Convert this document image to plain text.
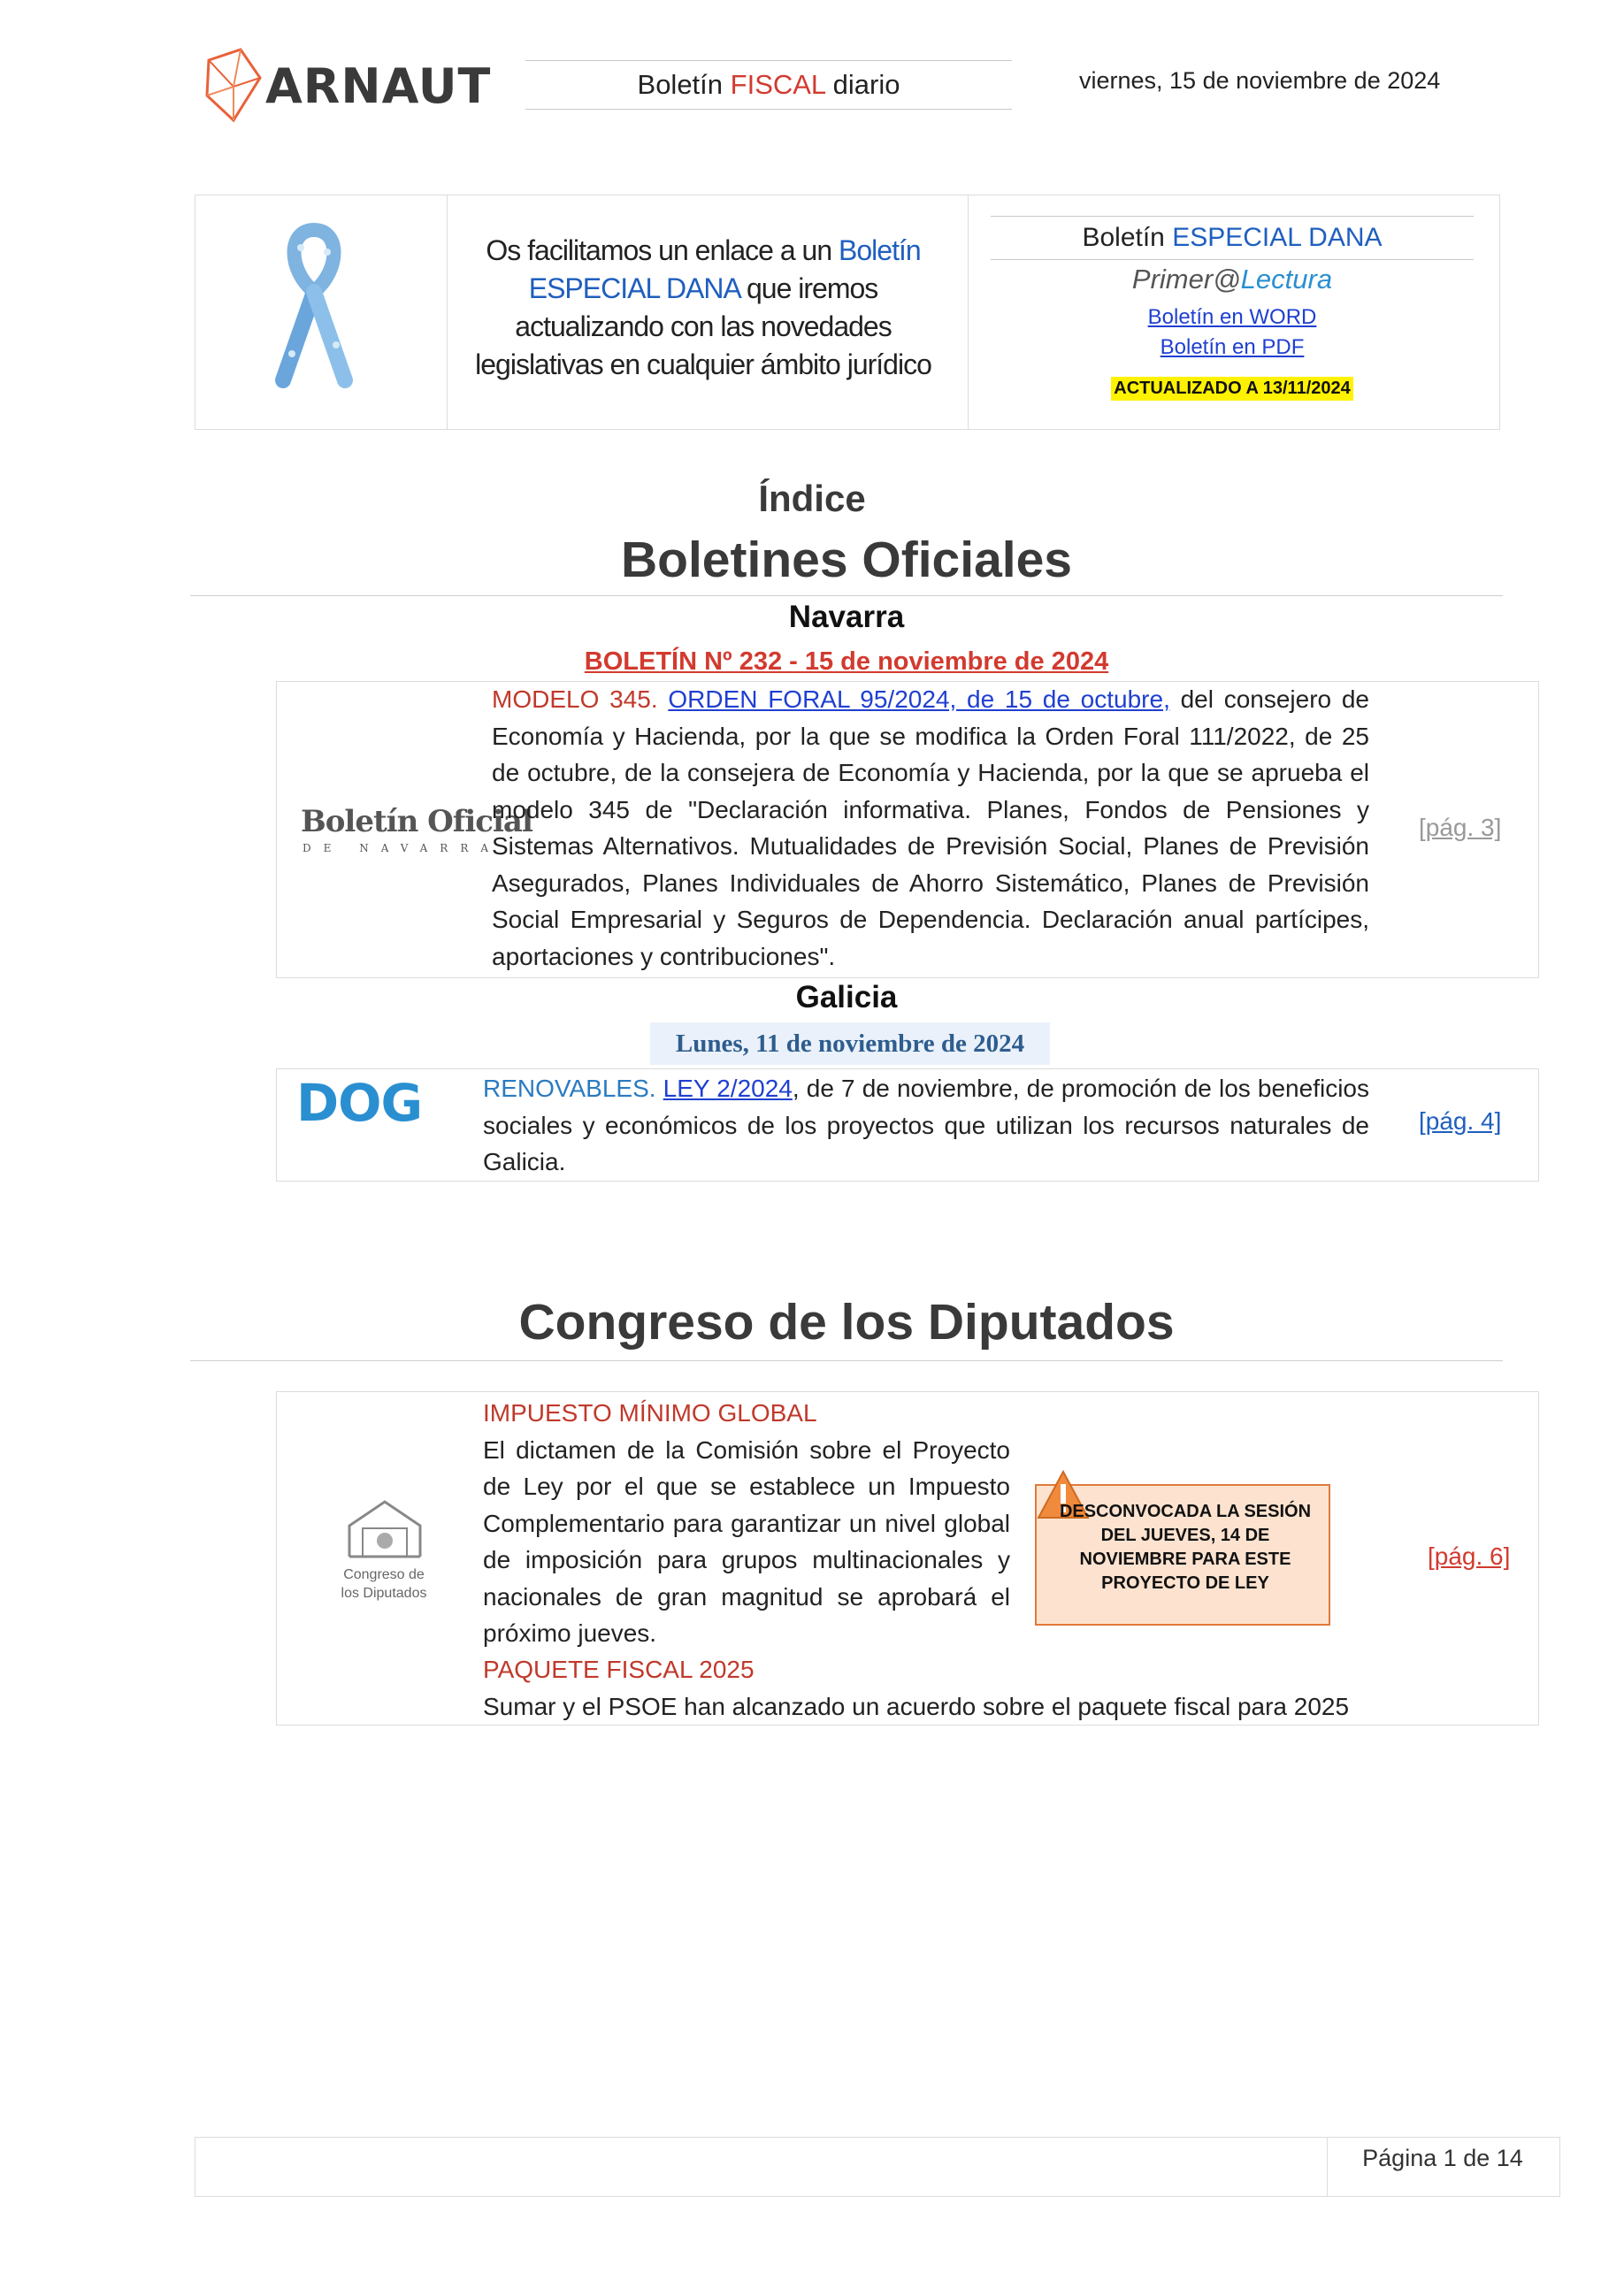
ARNAUT	Boletín FISCAL diario	viernes, 15 de noviembre de 2024
Os facilitamos un enlace a un Boletín ESPECIAL DANA que iremos actualizando con las novedades legislativas en cualquier ámbito jurídico
Boletín ESPECIAL DANA
Primer@Lectura
Boletín en WORD
Boletín en PDF
ACTUALIZADO A 13/11/2024
Índice
Boletines Oficiales
Navarra
BOLETÍN Nº 232 - 15 de noviembre de 2024
Boletín Oficial
DE NAVARRA
MODELO 345. ORDEN FORAL 95/2024, de 15 de octubre, del consejero de Economía y Hacienda, por la que se modifica la Orden Foral 111/2022, de 25 de octubre, de la consejera de Economía y Hacienda, por la que se aprueba el modelo 345 de "Declaración informativa. Planes, Fondos de Pensiones y Sistemas Alternativos. Mutualidades de Previsión Social, Planes de Previsión Asegurados, Planes Individuales de Ahorro Sistemático, Planes de Previsión Social Empresarial y Seguros de Dependencia. Declaración anual partícipes, aportaciones y contribuciones".
[pág. 3]
Galicia
Lunes, 11 de noviembre de 2024
DOG RENOVABLES. LEY 2/2024, de 7 de noviembre, de promoción de los beneficios sociales y económicos de los proyectos que utilizan los recursos naturales de Galicia.
[pág. 4]
Congreso de los Diputados
Congreso de los Diputados
IMPUESTO MÍNIMO GLOBAL
El dictamen de la Comisión sobre el Proyecto de Ley por el que se establece un Impuesto Complementario para garantizar un nivel global de imposición para grupos multinacionales y nacionales de gran magnitud se aprobará el próximo jueves.
PAQUETE FISCAL 2025
Sumar y el PSOE han alcanzado un acuerdo sobre el paquete fiscal para 2025
DESCONVOCADA LA SESIÓN DEL JUEVES, 14 DE NOVIEMBRE PARA ESTE PROYECTO DE LEY
[pág. 6]
Página 1 de 14
